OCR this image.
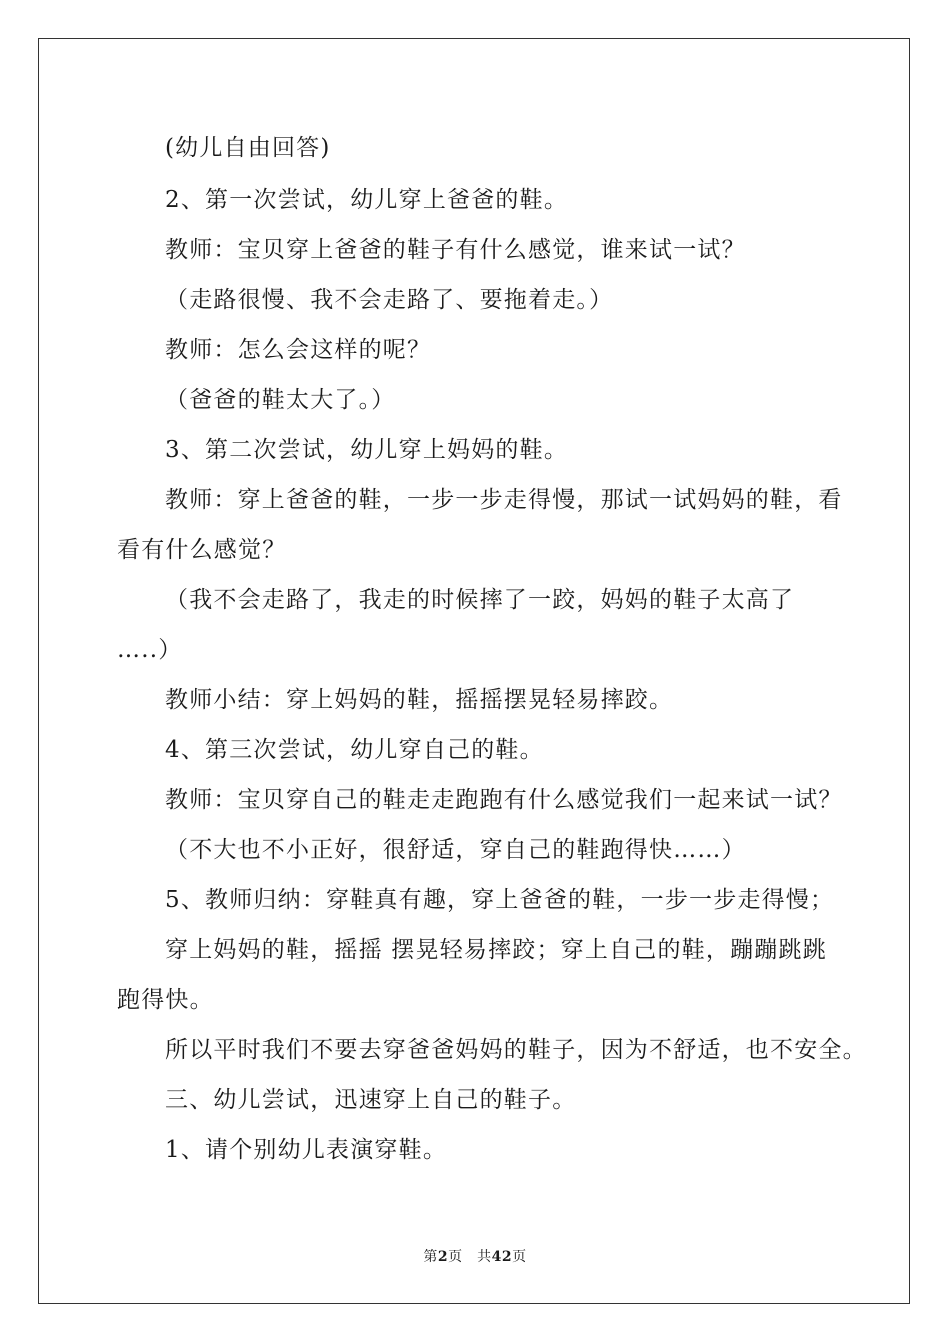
(幼儿自由回答)
2、第一次尝试，幼儿穿上爸爸的鞋。
教师：宝贝穿上爸爸的鞋子有什么感觉，谁来试一试？
（走路很慢、我不会走路了、要拖着走。）
教师：怎么会这样的呢？
（爸爸的鞋太大了。）
3、第二次尝试，幼儿穿上妈妈的鞋。
教师：穿上爸爸的鞋，一步一步走得慢，那试一试妈妈的鞋，看
看有什么感觉？
（我不会走路了，我走的时候摔了一跤，妈妈的鞋子太高了
…..）
教师小结：穿上妈妈的鞋，摇摇摆晃轻易摔跤。
4、第三次尝试，幼儿穿自己的鞋。
教师：宝贝穿自己的鞋走走跑跑有什么感觉我们一起来试一试？
（不大也不小正好，很舒适，穿自己的鞋跑得快……）
5、教师归纳：穿鞋真有趣，穿上爸爸的鞋，一步一步走得慢；
穿上妈妈的鞋，摇摇 摆晃轻易摔跤；穿上自己的鞋，蹦蹦跳跳
跑得快。
所以平时我们不要去穿爸爸妈妈的鞋子，因为不舒适，也不安全。
三、幼儿尝试，迅速穿上自己的鞋子。
1、请个别幼儿表演穿鞋。
第2页　共42页
